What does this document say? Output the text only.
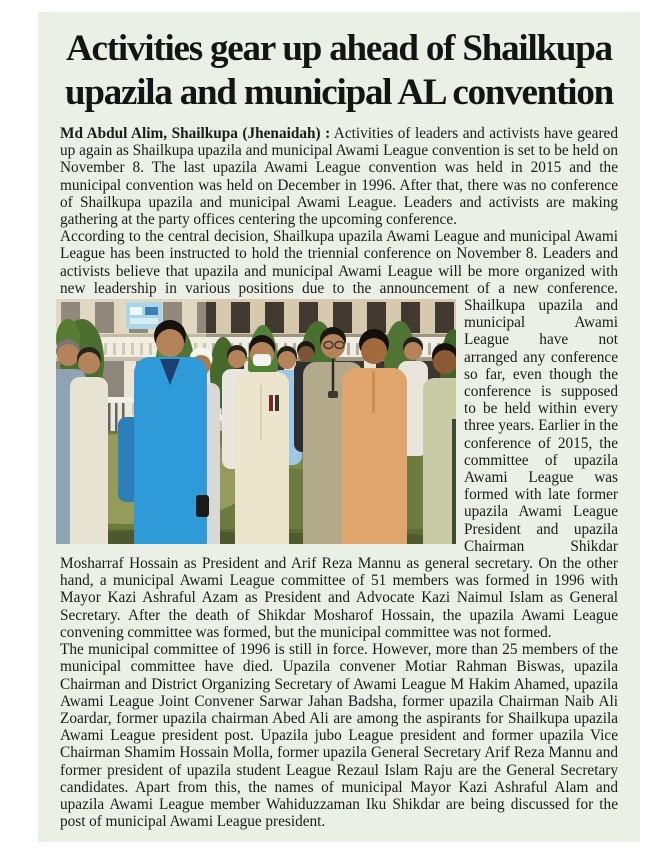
Activities gear up ahead of Shailkupa
upazila and municipal AL convention

Md Abdul Alim, Shailkupa (Jhenaidah) : Activities of leaders and activists have geared up again as Shailkupa upazila and municipal Awami League convention is set to be held on November 8. The last upazila Awami League convention was held in 2015 and the municipal convention was held on December in 1996. After that, there was no conference of Shailkupa upazila and municipal Awami League. Leaders and activists are making gathering at the party offices centering the upcoming conference.

According to the central decision, Shailkupa upazila Awami League and municipal Awami League has been instructed to hold the triennial conference on November 8. Leaders and activists believe that upazila and municipal Awami League will be more organized with new leadership in various positions due to the announcement of a new
conference. Shailkupa upazila and municipal Awami League have not arranged any conference so far, even though the conference is supposed to be held within every three years. Earlier in the conference of 2015, the committee of upazila Awami League was formed with late former upazila Awami League President and upazila Chairman Shikdar Mosharraf Hossain as President and Arif Reza Mannu as general secretary. On the other hand, a municipal Awami League committee of 51 members was formed in 1996 with Mayor Kazi Ashraful Azam as President and Advocate Kazi Naimul Islam as General Secretary. After the death of Shikdar Mosharof Hossain, the upazila Awami League convening committee was formed, but the municipal committee was not formed.

The municipal committee of 1996 is still in force. However, more than 25 members of the municipal committee have died. Upazila convener Motiar Rahman Biswas, upazila Chairman and District Organizing Secretary of Awami League M Hakim Ahamed, upazila Awami League Joint Convener Sarwar Jahan Badsha, former upazila Chairman Naib Ali Zoardar, former upazila chairman Abed Ali are among the aspirants for Shailkupa upazila Awami League president post. Upazila jubo League president and former upazila Vice Chairman Shamim Hossain Molla, former upazila General Secretary Arif Reza Mannu and former president of upazila student League Rezaul Islam Raju are the General Secretary candidates. Apart from this, the names of municipal Mayor Kazi Ashraful Alam and upazila Awami League member Wahiduzzaman Iku Shikdar are being discussed for the post of municipal Awami League president.
